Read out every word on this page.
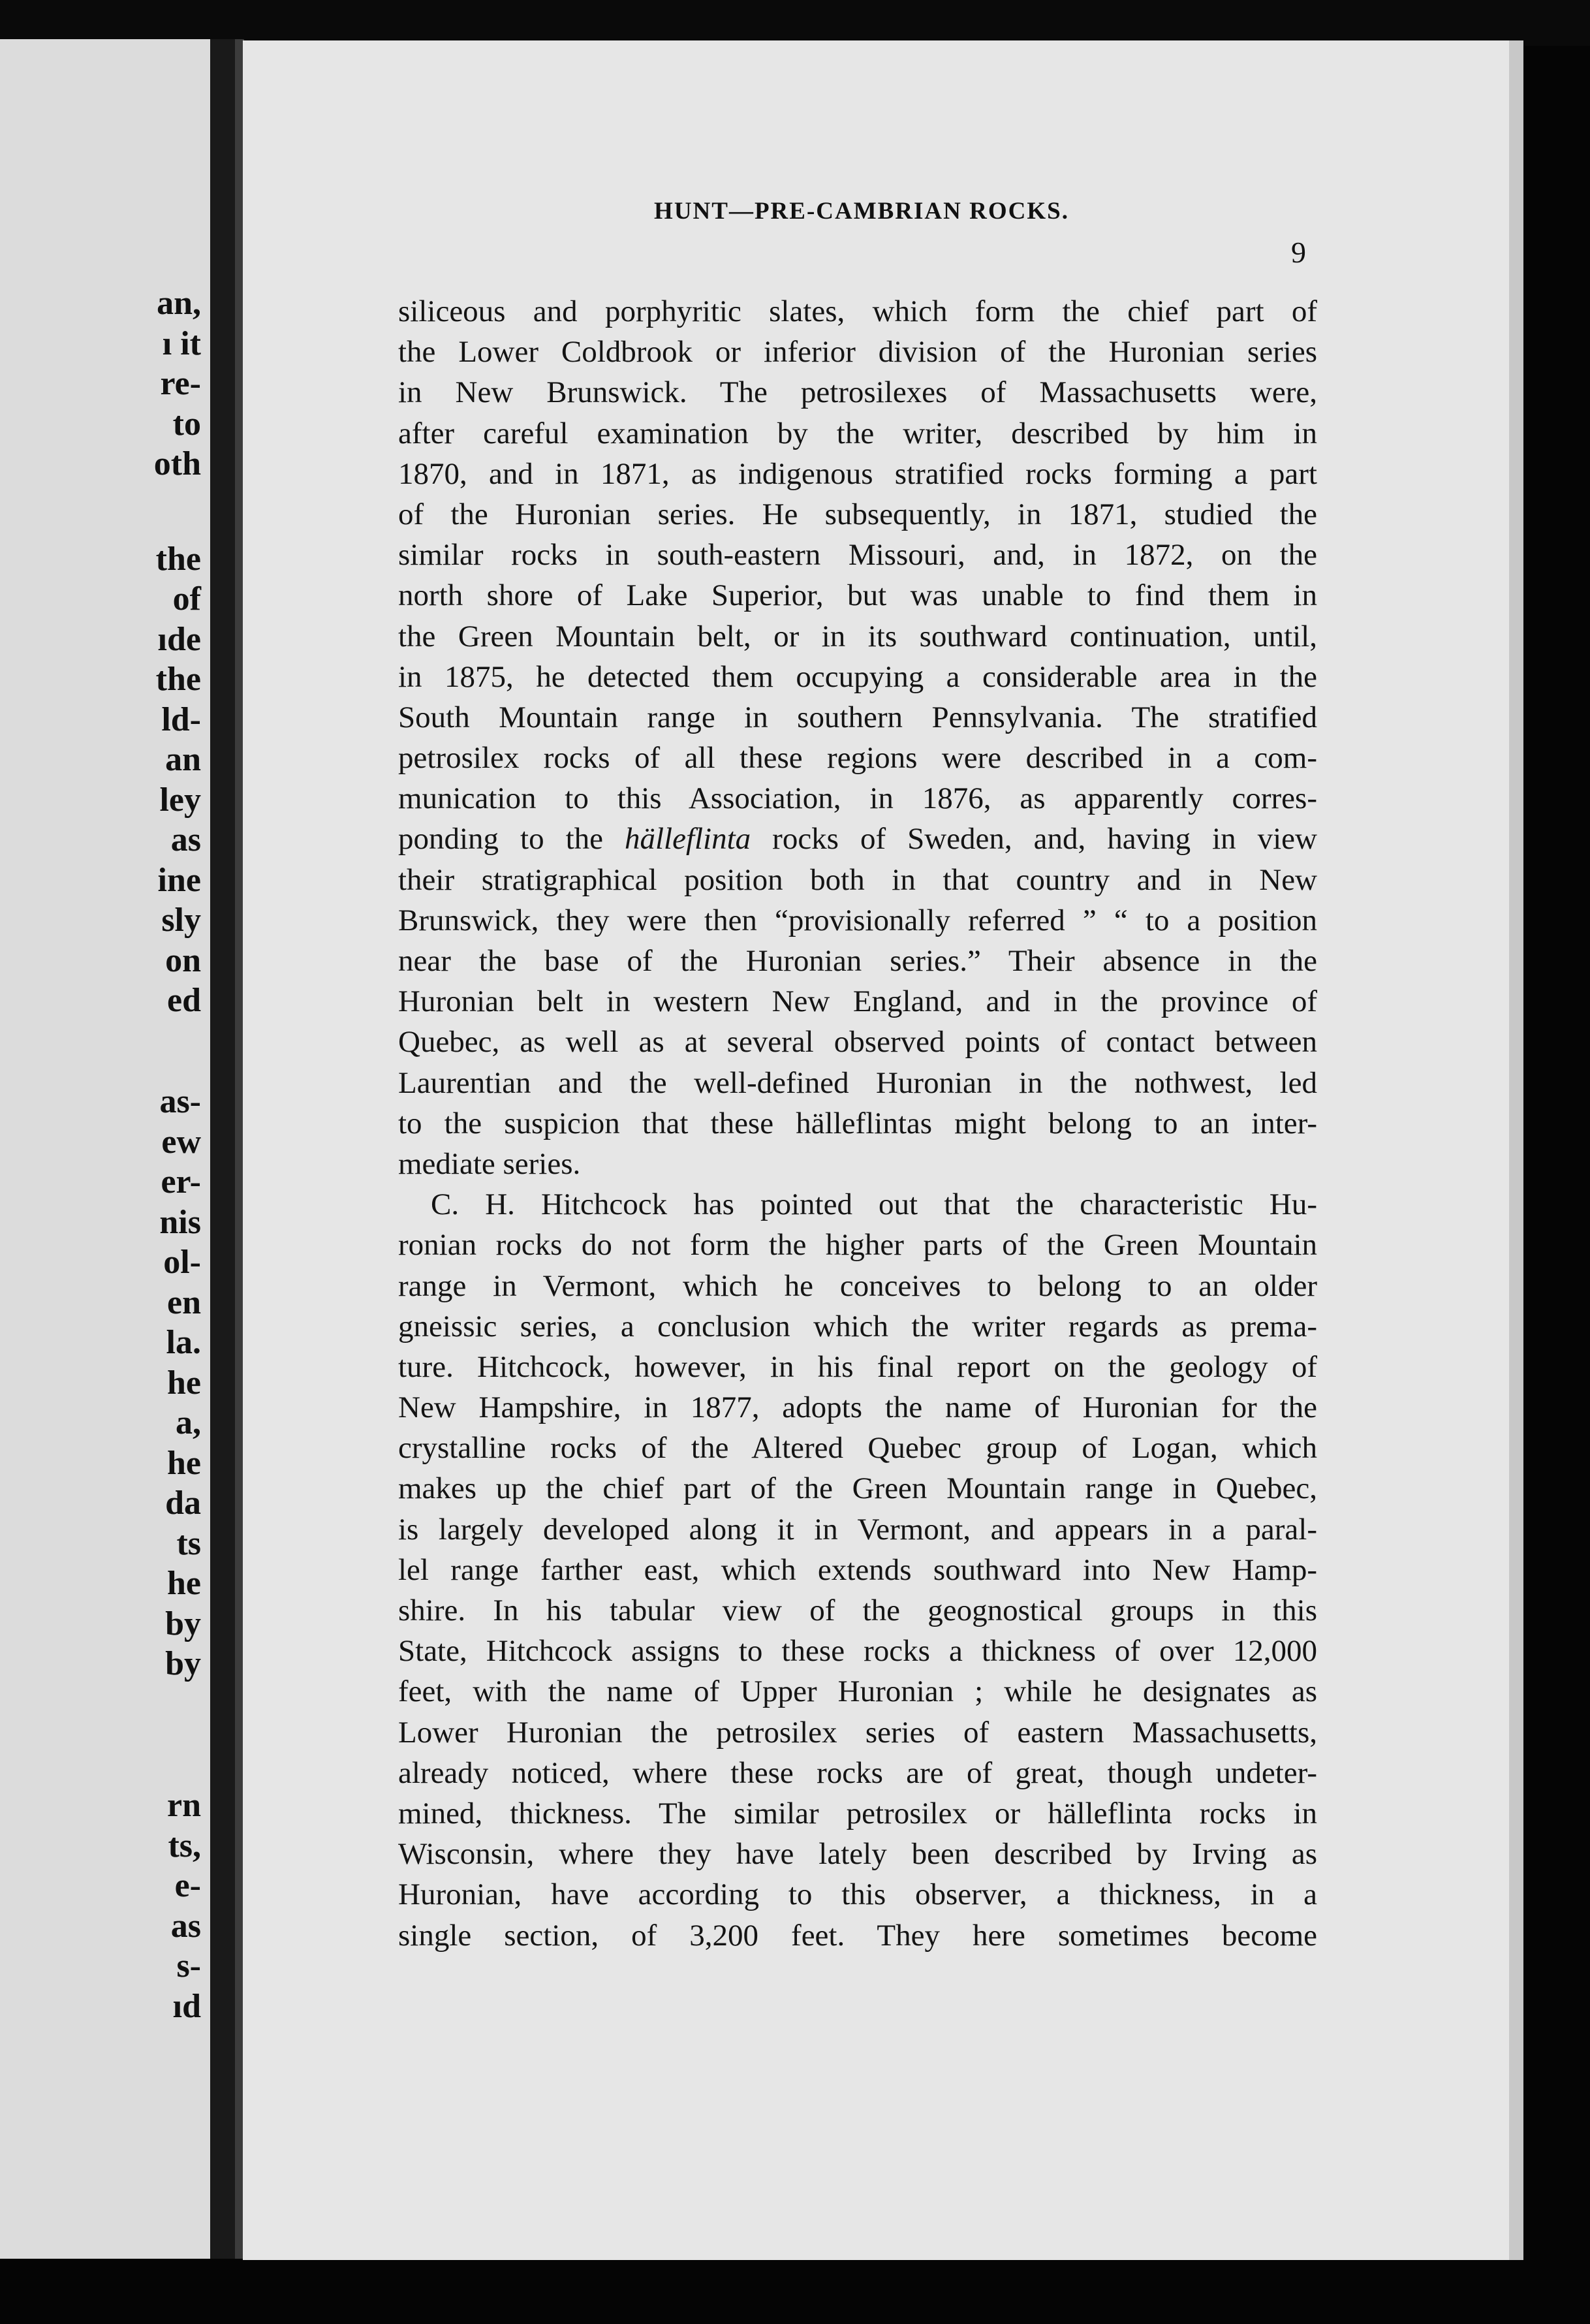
an,

ı it

re-

to

oth

the

of

ıde

the

ld-

an

ley

as

ine

sly

on

ed

as-

ew

er-

nis

ol-

en

la.

he

a,

he

da

ts

he

by

by

rn

ts,

e-

as

s-

ıd

HUNT—PRE-CAMBRIAN ROCKS.

9

siliceous and porphyritic slates, which form the chief part of

the Lower Coldbrook or inferior division of the Huronian series

in New Brunswick. The petrosilexes of Massachusetts were,

after careful examination by the writer, described by him in

1870, and in 1871, as indigenous stratified rocks forming a part

of the Huronian series. He subsequently, in 1871, studied the

similar rocks in south-eastern Missouri, and, in 1872, on the

north shore of Lake Superior, but was unable to find them in

the Green Mountain belt, or in its southward continuation, until,

in 1875, he detected them occupying a considerable area in the

South Mountain range in southern Pennsylvania. The stratified

petrosilex rocks of all these regions were described in a com-

munication to this Association, in 1876, as apparently corres-

ponding to the hälleflinta rocks of Sweden, and, having in view

their stratigraphical position both in that country and in New

Brunswick, they were then “provisionally referred ” “ to a position

near the base of the Huronian series.” Their absence in the

Huronian belt in western New England, and in the province of

Quebec, as well as at several observed points of contact between

Laurentian and the well-defined Huronian in the nothwest, led

to the suspicion that these hälleflintas might belong to an inter-

mediate series.

C. H. Hitchcock has pointed out that the characteristic Hu-

ronian rocks do not form the higher parts of the Green Mountain

range in Vermont, which he conceives to belong to an older

gneissic series, a conclusion which the writer regards as prema-

ture. Hitchcock, however, in his final report on the geology of

New Hampshire, in 1877, adopts the name of Huronian for the

crystalline rocks of the Altered Quebec group of Logan, which

makes up the chief part of the Green Mountain range in Quebec,

is largely developed along it in Vermont, and appears in a paral-

lel range farther east, which extends southward into New Hamp-

shire. In his tabular view of the geognostical groups in this

State, Hitchcock assigns to these rocks a thickness of over 12,000

feet, with the name of Upper Huronian ; while he designates as

Lower Huronian the petrosilex series of eastern Massachusetts,

already noticed, where these rocks are of great, though undeter-

mined, thickness. The similar petrosilex or hälleflinta rocks in

Wisconsin, where they have lately been described by Irving as

Huronian, have according to this observer, a thickness, in a

single section, of 3,200 feet. They here sometimes become
